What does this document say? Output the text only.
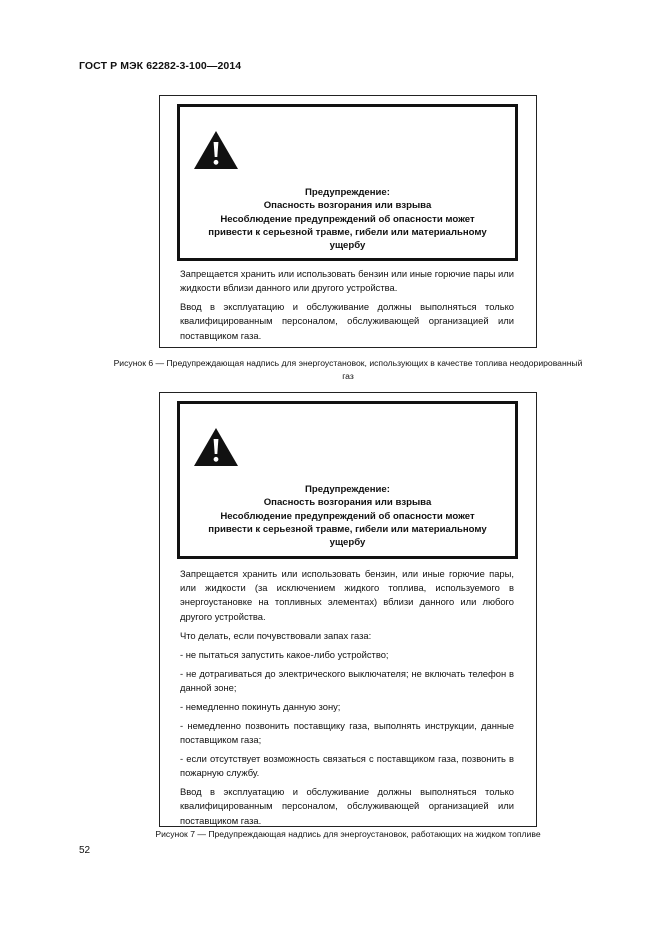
ГОСТ Р МЭК 62282-3-100—2014
Предупреждение:
Опасность возгорания или взрыва
Несоблюдение предупреждений об опасности может
привести к серьезной травме, гибели или материальному
ущербу

Запрещается хранить или использовать бензин или иные горючие пары или жидкости вблизи данного или другого устройства.

Ввод в эксплуатацию и обслуживание должны выполняться только квалифицированным персоналом, обслуживающей организацией или поставщиком газа.

Рисунок 6 — Предупреждающая надпись для энергоустановок, использующих в качестве топлива неодорированный газ
Предупреждение:
Опасность возгорания или взрыва
Несоблюдение предупреждений об опасности может
привести к серьезной травме, гибели или материальному
ущербу

Запрещается хранить или использовать бензин, или иные горючие пары, или жидкости (за исключением жидкого топлива, используемого в энергоустановке на топливных элементах) вблизи данного или любого другого устройства.

Что делать, если почувствовали запах газа:

- не пытаться запустить какое-либо устройство;

- не дотрагиваться до электрического выключателя; не включать телефон в данной зоне;

- немедленно покинуть данную зону;

- немедленно позвонить поставщику газа, выполнять инструкции, данные поставщиком газа;

- если отсутствует возможность связаться с поставщиком газа, позвонить в пожарную службу.

Ввод в эксплуатацию и обслуживание должны выполняться только квалифицированным персоналом, обслуживающей организацией или поставщиком газа.

Рисунок 7 — Предупреждающая надпись для энергоустановок, работающих на жидком топливе
52
